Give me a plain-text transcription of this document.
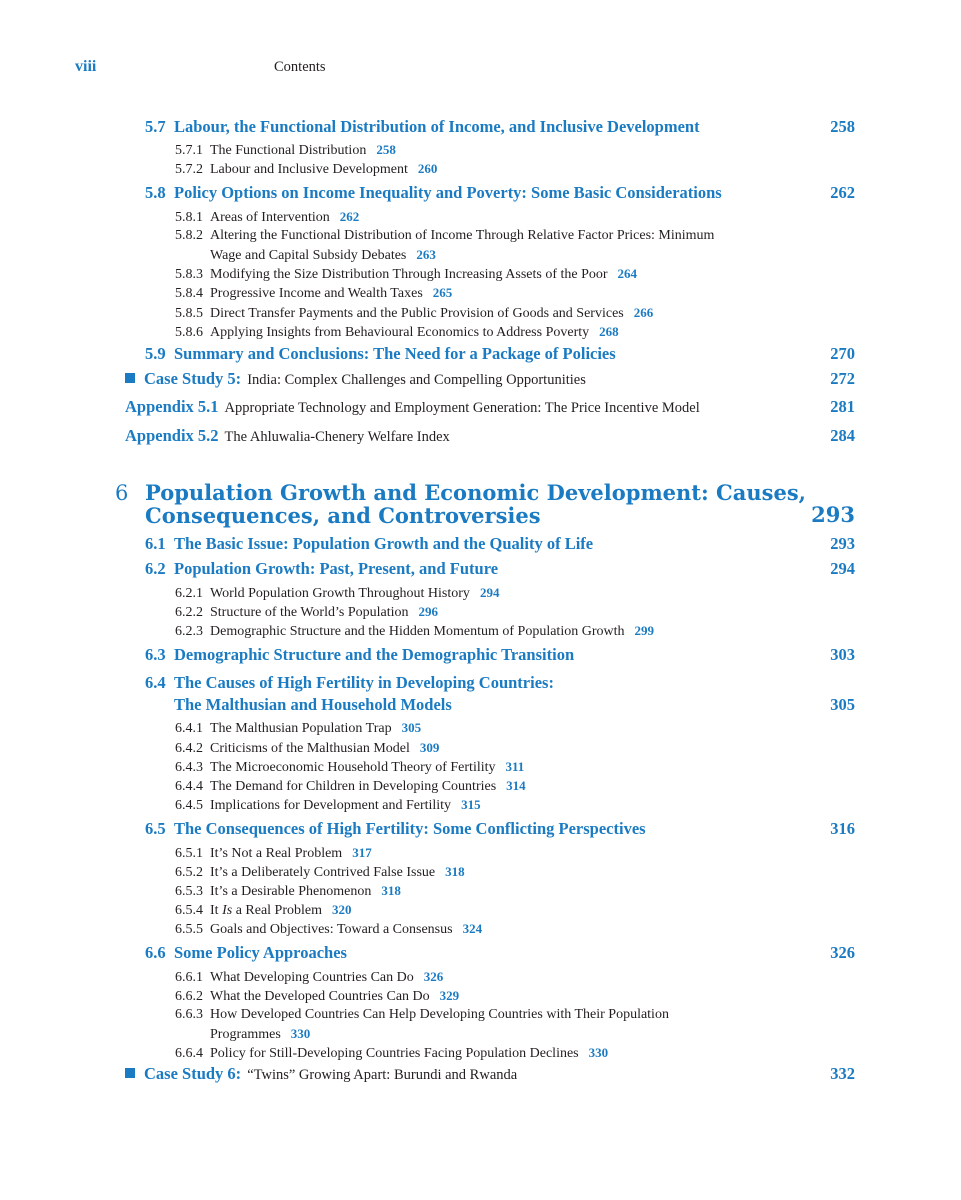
viii	Contents
5.7 Labour, the Functional Distribution of Income, and Inclusive Development	258
5.7.1 The Functional Distribution 258
5.7.2 Labour and Inclusive Development 260
5.8 Policy Options on Income Inequality and Poverty: Some Basic Considerations	262
5.8.1 Areas of Intervention 262
5.8.2 Altering the Functional Distribution of Income Through Relative Factor Prices: Minimum
Wage and Capital Subsidy Debates 263
5.8.3 Modifying the Size Distribution Through Increasing Assets of the Poor 264
5.8.4 Progressive Income and Wealth Taxes 265
5.8.5 Direct Transfer Payments and the Public Provision of Goods and Services 266
5.8.6 Applying Insights from Behavioural Economics to Address Poverty 268
5.9 Summary and Conclusions: The Need for a Package of Policies	270
Case Study 5: India: Complex Challenges and Compelling Opportunities	272
Appendix 5.1 Appropriate Technology and Employment Generation: The Price Incentive Model	281
Appendix 5.2 The Ahluwalia-Chenery Welfare Index	284
6 Population Growth and Economic Development: Causes,
Consequences, and Controversies	293
6.1 The Basic Issue: Population Growth and the Quality of Life	293
6.2 Population Growth: Past, Present, and Future	294
6.2.1 World Population Growth Throughout History 294
6.2.2 Structure of the World’s Population 296
6.2.3 Demographic Structure and the Hidden Momentum of Population Growth 299
6.3 Demographic Structure and the Demographic Transition	303
6.4 The Causes of High Fertility in Developing Countries:
The Malthusian and Household Models	305
6.4.1 The Malthusian Population Trap 305
6.4.2 Criticisms of the Malthusian Model 309
6.4.3 The Microeconomic Household Theory of Fertility 311
6.4.4 The Demand for Children in Developing Countries 314
6.4.5 Implications for Development and Fertility 315
6.5 The Consequences of High Fertility: Some Conflicting Perspectives	316
6.5.1 It’s Not a Real Problem 317
6.5.2 It’s a Deliberately Contrived False Issue 318
6.5.3 It’s a Desirable Phenomenon 318
6.5.4 It Is a Real Problem 320
6.5.5 Goals and Objectives: Toward a Consensus 324
6.6 Some Policy Approaches	326
6.6.1 What Developing Countries Can Do 326
6.6.2 What the Developed Countries Can Do 329
6.6.3 How Developed Countries Can Help Developing Countries with Their Population
Programmes 330
6.6.4 Policy for Still-Developing Countries Facing Population Declines 330
Case Study 6: “Twins” Growing Apart: Burundi and Rwanda	332
